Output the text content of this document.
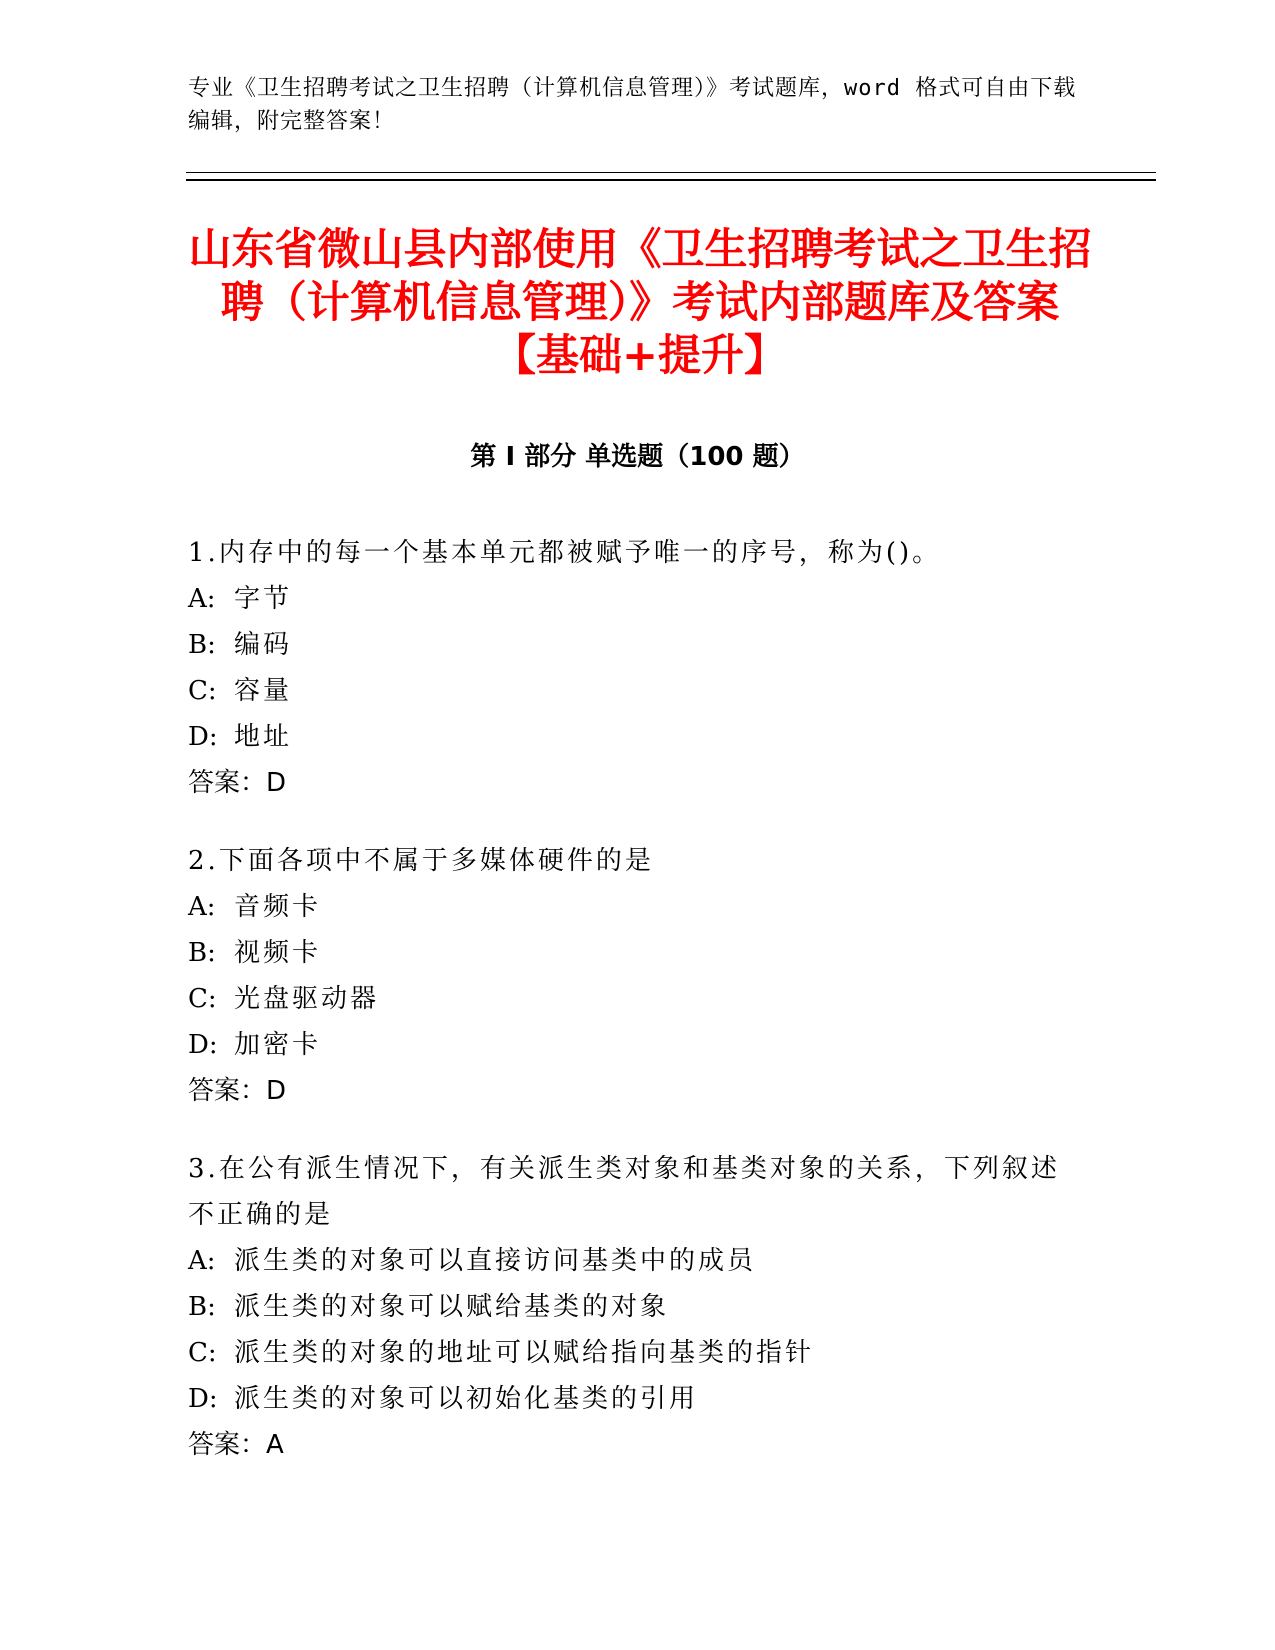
专业《卫生招聘考试之卫生招聘（计算机信息管理）》考试题库，word 格式可自由下载编辑，附完整答案！
山东省微山县内部使用《卫生招聘考试之卫生招聘（计算机信息管理）》考试内部题库及答案【基础+提升】
第 I 部分 单选题（100 题）
1.内存中的每一个基本单元都被赋予唯一的序号，称为()。
A: 字节
B: 编码
C: 容量
D: 地址
答案：D
2.下面各项中不属于多媒体硬件的是
A: 音频卡
B: 视频卡
C: 光盘驱动器
D: 加密卡
答案：D
3.在公有派生情况下，有关派生类对象和基类对象的关系，下列叙述不正确的是
A: 派生类的对象可以直接访问基类中的成员
B: 派生类的对象可以赋给基类的对象
C: 派生类的对象的地址可以赋给指向基类的指针
D: 派生类的对象可以初始化基类的引用
答案：A
